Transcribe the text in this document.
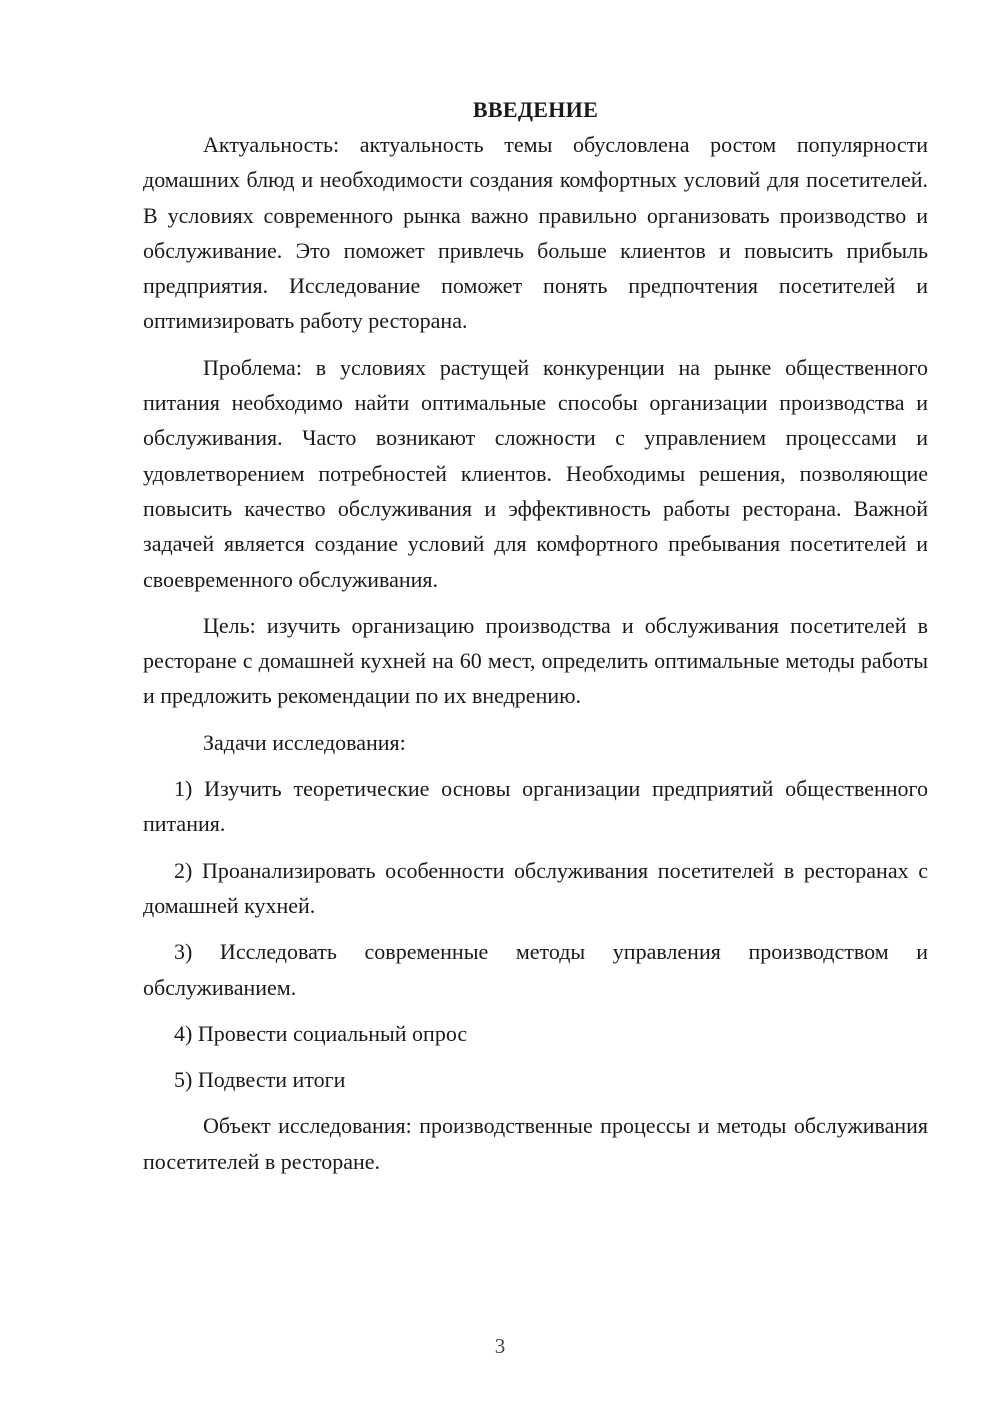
ВВЕДЕНИЕ

Актуальность: актуальность темы обусловлена ростом популярности домашних блюд и необходимости создания комфортных условий для посетителей. В условиях современного рынка важно правильно организовать производство и обслуживание. Это поможет привлечь больше клиентов и повысить прибыль предприятия. Исследование поможет понять предпочтения посетителей и оптимизировать работу ресторана.

Проблема: в условиях растущей конкуренции на рынке общественного питания необходимо найти оптимальные способы организации производства и обслуживания. Часто возникают сложности с управлением процессами и удовлетворением потребностей клиентов. Необходимы решения, позволяющие повысить качество обслуживания и эффективность работы ресторана. Важной задачей является создание условий для комфортного пребывания посетителей и своевременного обслуживания.

Цель: изучить организацию производства и обслуживания посетителей в ресторане с домашней кухней на 60 мест, определить оптимальные методы работы и предложить рекомендации по их внедрению.

Задачи исследования:

1) Изучить теоретические основы организации предприятий общественного питания.

2) Проанализировать особенности обслуживания посетителей в ресторанах с домашней кухней.

3) Исследовать современные методы управления производством и обслуживанием.

4) Провести социальный опрос

5) Подвести итоги

Объект исследования: производственные процессы и методы обслуживания посетителей в ресторане.

3
